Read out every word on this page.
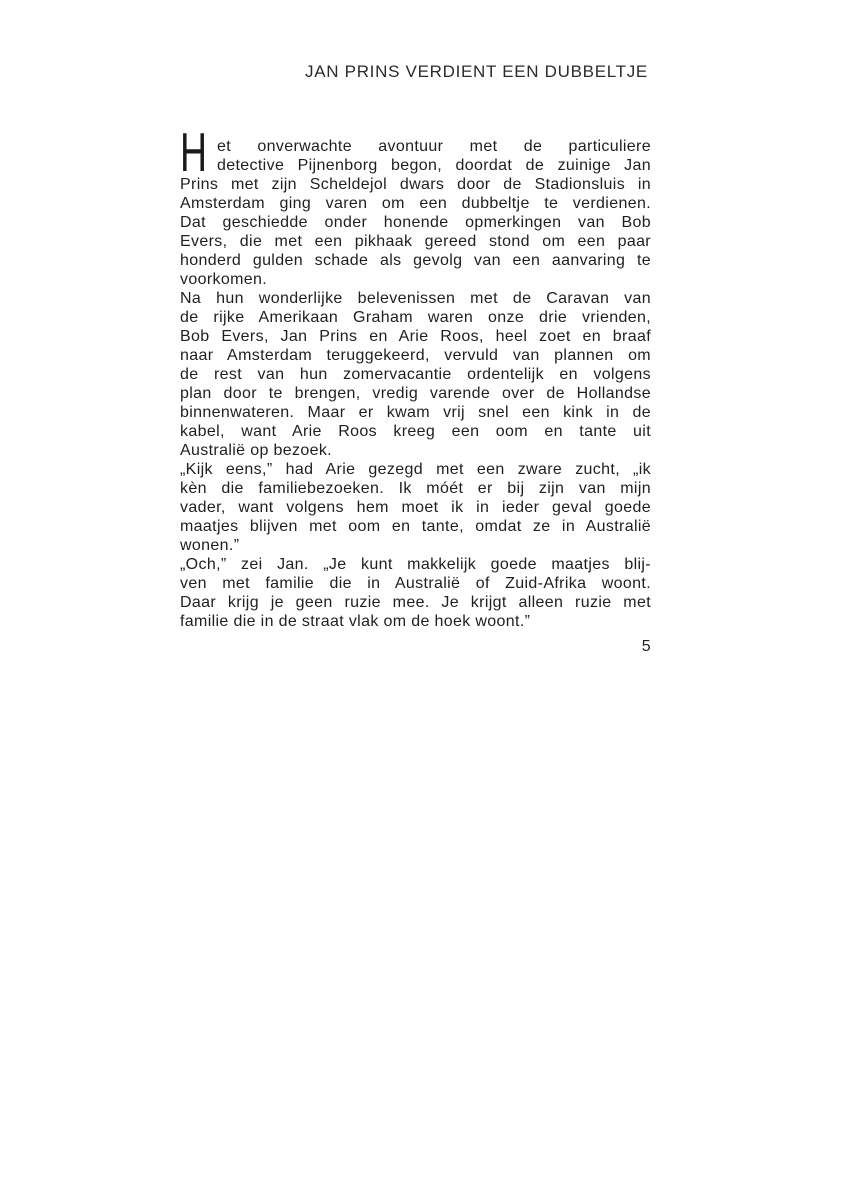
JAN PRINS VERDIENT EEN DUBBELTJE
H et onverwachte avontuur met de particuliere
detective Pijnenborg begon, doordat de zuinige Jan
Prins met zijn Scheldejol dwars door de Stadionsluis in
Amsterdam ging varen om een dubbeltje te verdienen.
Dat geschiedde onder honende opmerkingen van Bob
Evers, die met een pikhaak gereed stond om een paar
honderd gulden schade als gevolg van een aanvaring te
voorkomen.
Na hun wonderlijke belevenissen met de Caravan van
de rijke Amerikaan Graham waren onze drie vrienden,
Bob Evers, Jan Prins en Arie Roos, heel zoet en braaf
naar Amsterdam teruggekeerd, vervuld van plannen om
de rest van hun zomervacantie ordentelijk en volgens
plan door te brengen, vredig varende over de Hollandse
binnenwateren. Maar er kwam vrij snel een kink in de
kabel, want Arie Roos kreeg een oom en tante uit
Australië op bezoek.
„Kijk eens,” had Arie gezegd met een zware zucht, „ik
kèn die familiebezoeken. Ik móét er bij zijn van mijn
vader, want volgens hem moet ik in ieder geval goede
maatjes blijven met oom en tante, omdat ze in Australië
wonen.”
„Och,” zei Jan. „Je kunt makkelijk goede maatjes blij-
ven met familie die in Australië of Zuid-Afrika woont.
Daar krijg je geen ruzie mee. Je krijgt alleen ruzie met
familie die in de straat vlak om de hoek woont.”
5
